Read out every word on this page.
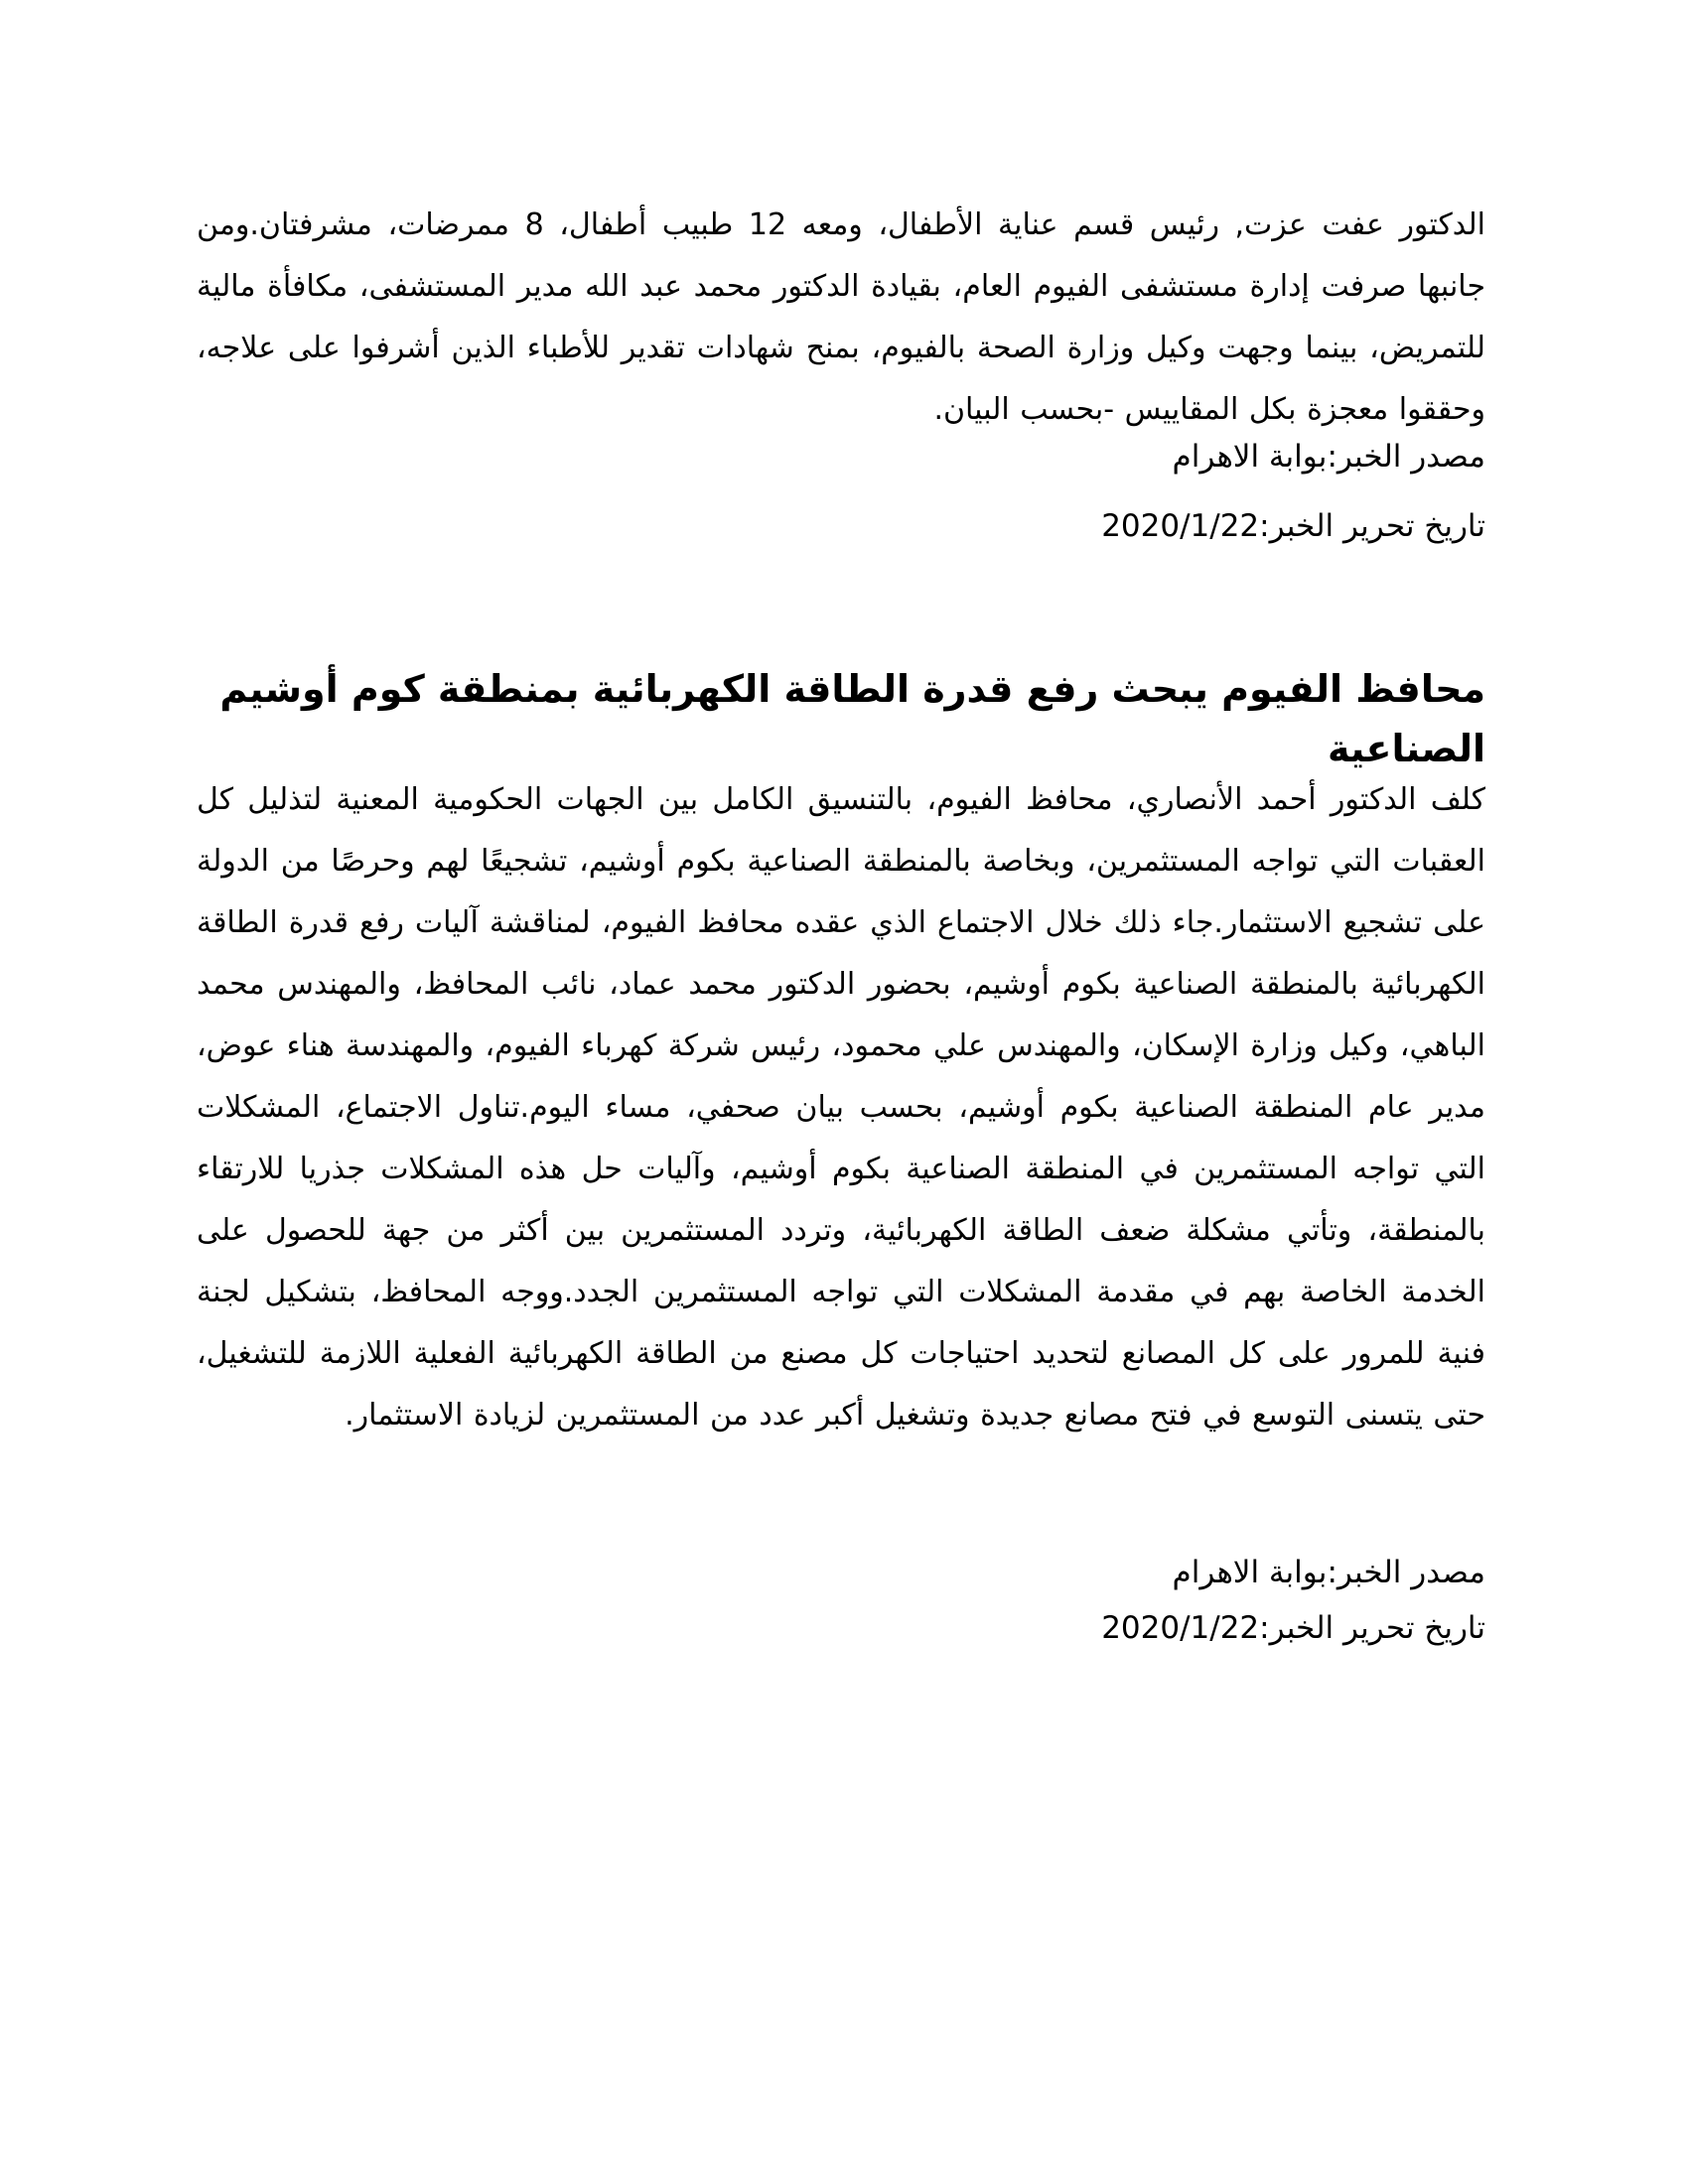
الدكتور عفت عزت, رئيس قسم عناية الأطفال، ومعه 12 طبيب أطفال، 8 ممرضات، مشرفتان.ومن جانبها صرفت إدارة مستشفى الفيوم العام، بقيادة الدكتور محمد عبد الله مدير المستشفى، مكافأة مالية للتمريض، بينما وجهت وكيل وزارة الصحة بالفيوم، بمنح شهادات تقدير للأطباء الذين أشرفوا على علاجه، وحققوا معجزة بكل المقاييس -بحسب البيان.

مصدر الخبر:بوابة الاهرام

تاريخ تحرير الخبر:2020/1/22

محافظ الفيوم يبحث رفع قدرة الطاقة الكهربائية بمنطقة كوم أوشيم الصناعية

كلف الدكتور أحمد الأنصاري، محافظ الفيوم، بالتنسيق الكامل بين الجهات الحكومية المعنية لتذليل كل العقبات التي تواجه المستثمرين، وبخاصة بالمنطقة الصناعية بكوم أوشيم، تشجيعًا لهم وحرصًا من الدولة على تشجيع الاستثمار.جاء ذلك خلال الاجتماع الذي عقده محافظ الفيوم، لمناقشة آليات رفع قدرة الطاقة الكهربائية بالمنطقة الصناعية بكوم أوشيم، بحضور الدكتور محمد عماد، نائب المحافظ، والمهندس محمد الباهي، وكيل وزارة الإسكان، والمهندس علي محمود، رئيس شركة كهرباء الفيوم، والمهندسة هناء عوض، مدير عام المنطقة الصناعية بكوم أوشيم، بحسب بيان صحفي، مساء اليوم.تناول الاجتماع، المشكلات التي تواجه المستثمرين في المنطقة الصناعية بكوم أوشيم، وآليات حل هذه المشكلات جذريا للارتقاء بالمنطقة، وتأتي مشكلة ضعف الطاقة الكهربائية، وتردد المستثمرين بين أكثر من جهة للحصول على الخدمة الخاصة بهم في مقدمة المشكلات التي تواجه المستثمرين الجدد.ووجه المحافظ، بتشكيل لجنة فنية للمرور على كل المصانع لتحديد احتياجات كل مصنع من الطاقة الكهربائية الفعلية اللازمة للتشغيل، حتى يتسنى التوسع في فتح مصانع جديدة وتشغيل أكبر عدد من المستثمرين لزيادة الاستثمار.

مصدر الخبر:بوابة الاهرام

تاريخ تحرير الخبر:2020/1/22
